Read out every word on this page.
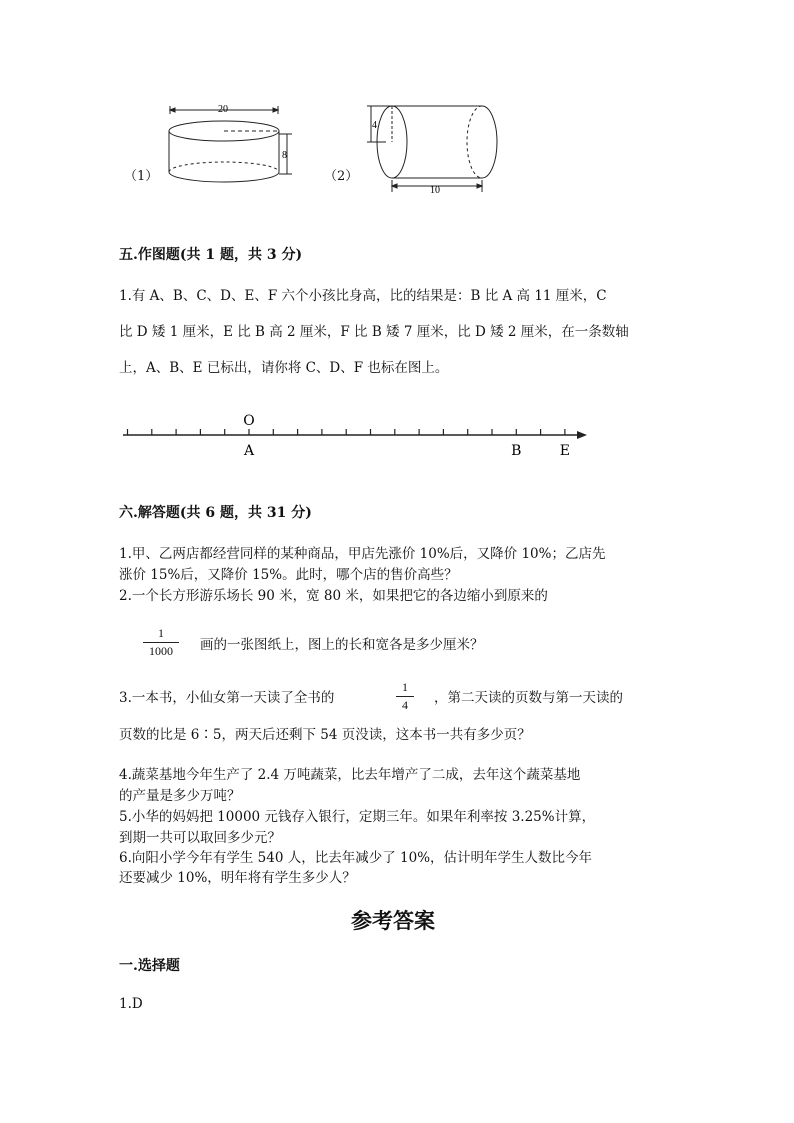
（1）
20
8
（2）
4
10
五.作图题(共 1 题，共 3 分)
1.有 A、B、C、D、E、F 六个小孩比身高，比的结果是：B 比 A 高 11 厘米，C
比 D 矮 1 厘米，E 比 B 高 2 厘米，F 比 B 矮 7 厘米，比 D 矮 2 厘米，在一条数轴
上，A、B、E 已标出，请你将 C、D、F 也标在图上。
O
A	B	E
六.解答题(共 6 题，共 31 分)
1.甲、乙两店都经营同样的某种商品，甲店先涨价 10%后，又降价 10%；乙店先
涨价 15%后，又降价 15%。此时，哪个店的售价高些？
2.一个长方形游乐场长 90 米，宽 80 米，如果把它的各边缩小到原来的
1
1000	画的一张图纸上，图上的长和宽各是多少厘米？
3.一本书，小仙女第一天读了全书的
1
4	，第二天读的页数与第一天读的
页数的比是 6∶5，两天后还剩下 54 页没读，这本书一共有多少页？
4.蔬菜基地今年生产了 2.4 万吨蔬菜，比去年增产了二成，去年这个蔬菜基地
的产量是多少万吨？
5.小华的妈妈把 10000 元钱存入银行，定期三年。如果年利率按 3.25%计算，
到期一共可以取回多少元？
6.向阳小学今年有学生 540 人，比去年减少了 10%，估计明年学生人数比今年
还要减少 10%，明年将有学生多少人？
参考答案
一.选择题
1.D
